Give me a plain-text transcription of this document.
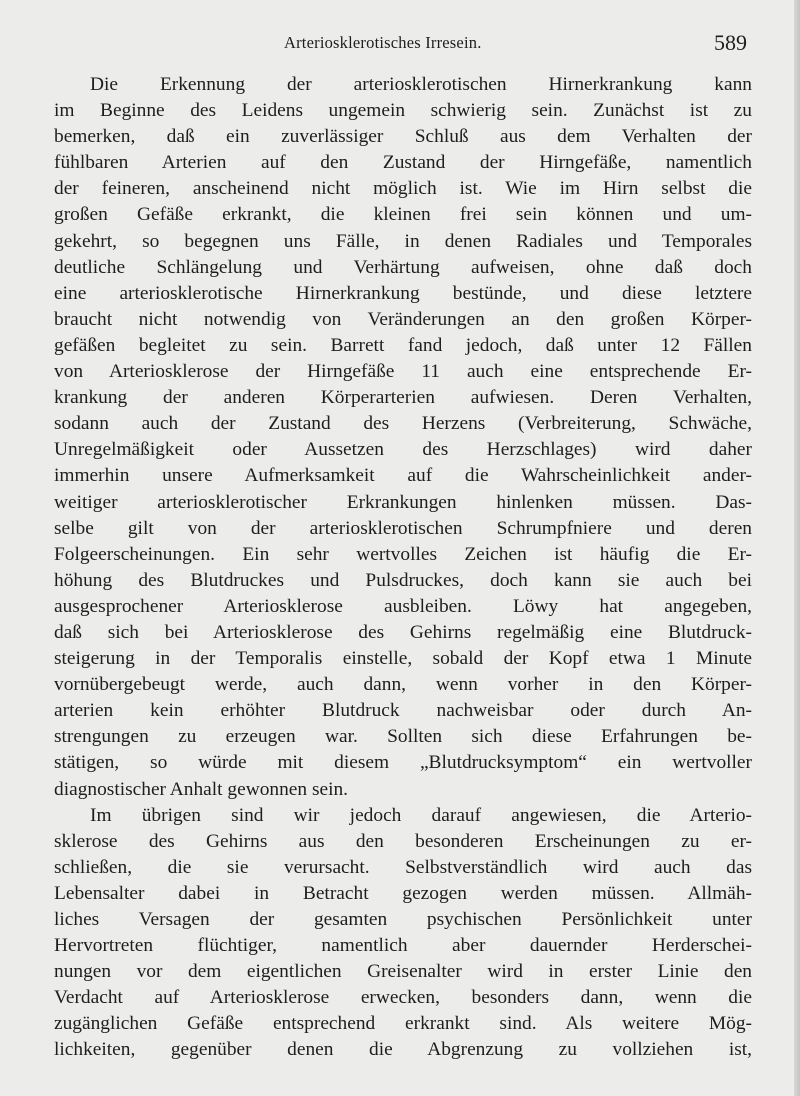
Arteriosklerotisches Irresein.	589
Die Erkennung der arteriosklerotischen Hirnerkrankung kann
im Beginne des Leidens ungemein schwierig sein. Zunächst ist zu
bemerken, daß ein zuverlässiger Schluß aus dem Verhalten der
fühlbaren Arterien auf den Zustand der Hirngefäße, namentlich
der feineren, anscheinend nicht möglich ist. Wie im Hirn selbst die
großen Gefäße erkrankt, die kleinen frei sein können und um-
gekehrt, so begegnen uns Fälle, in denen Radiales und Temporales
deutliche Schlängelung und Verhärtung aufweisen, ohne daß doch
eine arteriosklerotische Hirnerkrankung bestünde, und diese letztere
braucht nicht notwendig von Veränderungen an den großen Körper-
gefäßen begleitet zu sein. Barrett fand jedoch, daß unter 12 Fällen
von Arteriosklerose der Hirngefäße 11 auch eine entsprechende Er-
krankung der anderen Körperarterien aufwiesen. Deren Verhalten,
sodann auch der Zustand des Herzens (Verbreiterung, Schwäche,
Unregelmäßigkeit oder Aussetzen des Herzschlages) wird daher
immerhin unsere Aufmerksamkeit auf die Wahrscheinlichkeit ander-
weitiger arteriosklerotischer Erkrankungen hinlenken müssen. Das-
selbe gilt von der arteriosklerotischen Schrumpfniere und deren
Folgeerscheinungen. Ein sehr wertvolles Zeichen ist häufig die Er-
höhung des Blutdruckes und Pulsdruckes, doch kann sie auch bei
ausgesprochener Arteriosklerose ausbleiben. Löwy hat angegeben,
daß sich bei Arteriosklerose des Gehirns regelmäßig eine Blutdruck-
steigerung in der Temporalis einstelle, sobald der Kopf etwa 1 Minute
vornübergebeugt werde, auch dann, wenn vorher in den Körper-
arterien kein erhöhter Blutdruck nachweisbar oder durch An-
strengungen zu erzeugen war. Sollten sich diese Erfahrungen be-
stätigen, so würde mit diesem „Blutdrucksymptom“ ein wertvoller
diagnostischer Anhalt gewonnen sein.
Im übrigen sind wir jedoch darauf angewiesen, die Arterio-
sklerose des Gehirns aus den besonderen Erscheinungen zu er-
schließen, die sie verursacht. Selbstverständlich wird auch das
Lebensalter dabei in Betracht gezogen werden müssen. Allmäh-
liches Versagen der gesamten psychischen Persönlichkeit unter
Hervortreten flüchtiger, namentlich aber dauernder Herderschei-
nungen vor dem eigentlichen Greisenalter wird in erster Linie den
Verdacht auf Arteriosklerose erwecken, besonders dann, wenn die
zugänglichen Gefäße entsprechend erkrankt sind. Als weitere Mög-
lichkeiten, gegenüber denen die Abgrenzung zu vollziehen ist,
